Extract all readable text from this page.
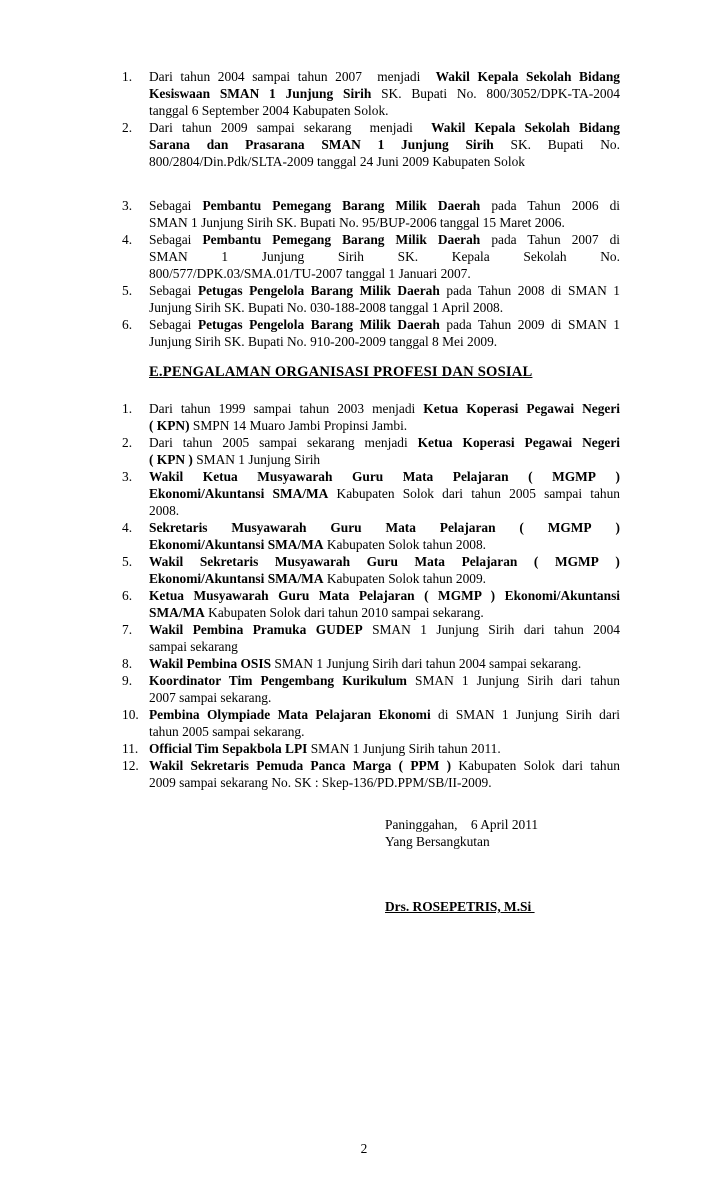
1. Dari tahun 2004 sampai tahun 2007  menjadi  Wakil Kepala Sekolah Bidang
Kesiswaan SMAN 1 Junjung Sirih SK. Bupati No. 800/3052/DPK-TA-2004
tanggal 6 September 2004 Kabupaten Solok.
2. Dari tahun 2009 sampai sekarang  menjadi  Wakil Kepala Sekolah Bidang
Sarana dan Prasarana SMAN 1 Junjung Sirih SK. Bupati No.
800/2804/Din.Pdk/SLTA-2009 tanggal 24 Juni 2009 Kabupaten Solok
3. Sebagai Pembantu Pemegang Barang Milik Daerah pada Tahun 2006 di
SMAN 1 Junjung Sirih SK. Bupati No. 95/BUP-2006 tanggal 15 Maret 2006.
4. Sebagai Pembantu Pemegang Barang Milik Daerah pada Tahun 2007 di
SMAN	1	Junjung	Sirih	SK.	Kepala	Sekolah	No.
800/577/DPK.03/SMA.01/TU-2007 tanggal 1 Januari 2007.
5. Sebagai Petugas Pengelola Barang Milik Daerah pada Tahun 2008 di SMAN 1
Junjung Sirih SK. Bupati No. 030-188-2008 tanggal 1 April 2008.
6. Sebagai Petugas Pengelola Barang Milik Daerah pada Tahun 2009 di SMAN 1
Junjung Sirih SK. Bupati No. 910-200-2009 tanggal 8 Mei 2009.
E.PENGALAMAN ORGANISASI PROFESI DAN SOSIAL
1. Dari tahun 1999 sampai tahun 2003 menjadi Ketua Koperasi Pegawai Negeri
( KPN) SMPN 14 Muaro Jambi Propinsi Jambi.
2. Dari tahun 2005 sampai sekarang menjadi Ketua Koperasi Pegawai Negeri
( KPN ) SMAN 1 Junjung Sirih
3. Wakil Ketua Musyawarah Guru Mata Pelajaran ( MGMP )
Ekonomi/Akuntansi SMA/MA Kabupaten Solok dari tahun 2005 sampai tahun
2008.
4. Sekretaris Musyawarah Guru Mata Pelajaran ( MGMP )
Ekonomi/Akuntansi SMA/MA Kabupaten Solok tahun 2008.
5. Wakil Sekretaris Musyawarah Guru Mata Pelajaran ( MGMP )
Ekonomi/Akuntansi SMA/MA Kabupaten Solok tahun 2009.
6. Ketua Musyawarah Guru Mata Pelajaran ( MGMP ) Ekonomi/Akuntansi
SMA/MA Kabupaten Solok dari tahun 2010 sampai sekarang.
7. Wakil Pembina Pramuka GUDEP SMAN 1 Junjung Sirih dari tahun 2004
sampai sekarang
8. Wakil Pembina OSIS SMAN 1 Junjung Sirih dari tahun 2004 sampai sekarang.
9. Koordinator Tim Pengembang Kurikulum SMAN 1 Junjung Sirih dari tahun
2007 sampai sekarang.
10. Pembina Olympiade Mata Pelajaran Ekonomi di SMAN 1 Junjung Sirih dari
tahun 2005 sampai sekarang.
11. Official Tim Sepakbola LPI SMAN 1 Junjung Sirih tahun 2011.
12. Wakil Sekretaris Pemuda Panca Marga ( PPM ) Kabupaten Solok dari tahun
2009 sampai sekarang No. SK : Skep-136/PD.PPM/SB/II-2009.
Paninggahan,    6 April 2011
Yang Bersangkutan
Drs. ROSEPETRIS, M.Si
2
